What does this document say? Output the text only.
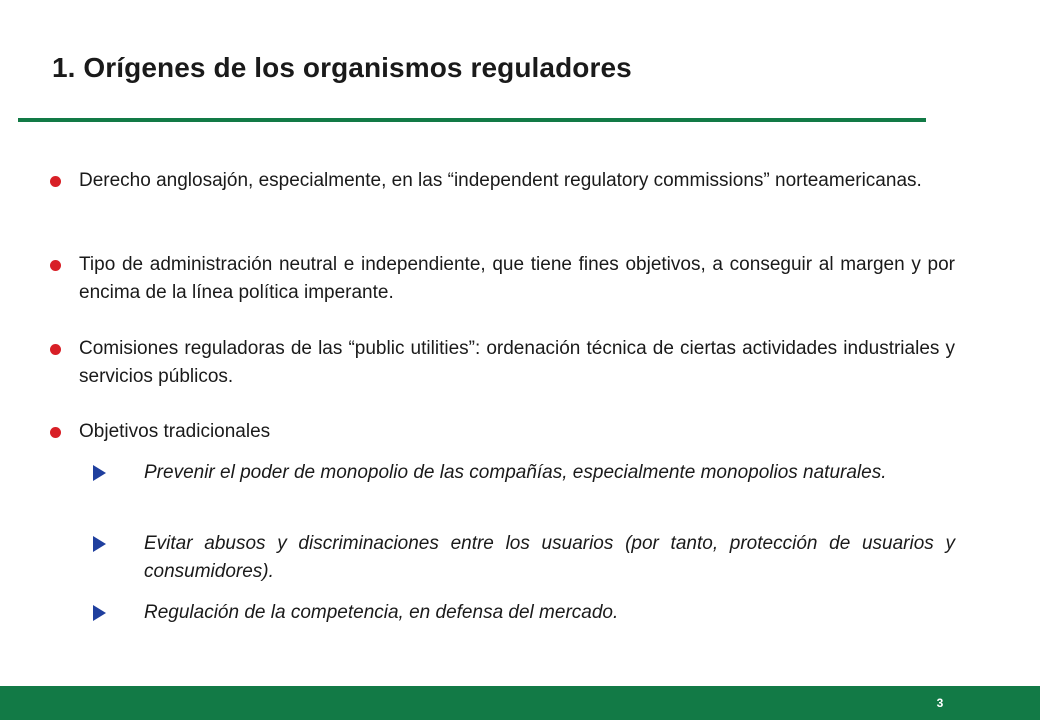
1. Orígenes de los organismos reguladores
Derecho anglosajón, especialmente, en las “independent regulatory commissions” norteamericanas.
Tipo de administración neutral e independiente, que tiene fines objetivos, a conseguir al margen y por encima de la línea política imperante.
Comisiones reguladoras de las “public utilities”: ordenación técnica de ciertas actividades industriales y servicios públicos.
Objetivos tradicionales
Prevenir el poder de monopolio de las compañías, especialmente monopolios naturales.
Evitar abusos y discriminaciones entre los usuarios (por tanto, protección de usuarios y consumidores).
Regulación de la competencia, en defensa del mercado.
3
